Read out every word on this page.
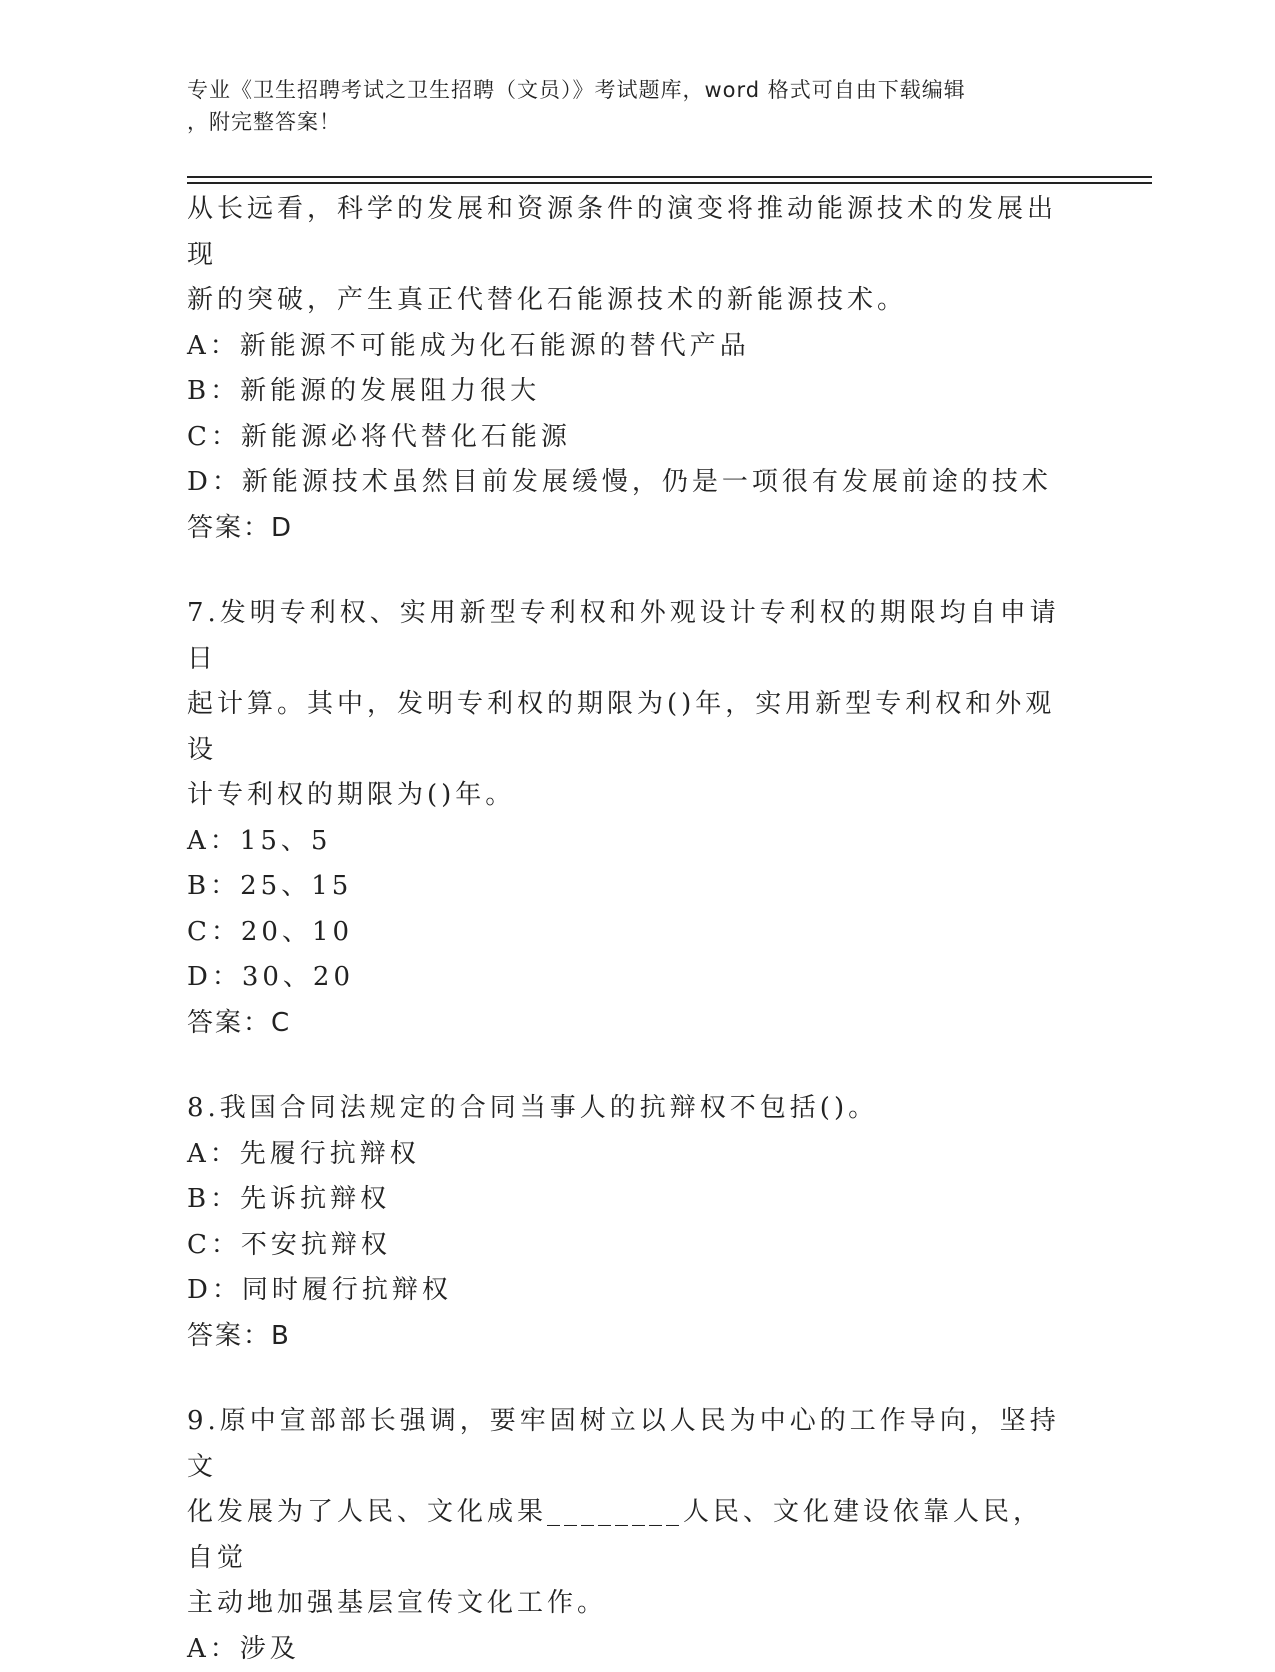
专业《卫生招聘考试之卫生招聘（文员）》考试题库，word 格式可自由下载编辑
，附完整答案！

从长远看，科学的发展和资源条件的演变将推动能源技术的发展出现

新的突破，产生真正代替化石能源技术的新能源技术。

A：新能源不可能成为化石能源的替代产品

B：新能源的发展阻力很大

C：新能源必将代替化石能源

D：新能源技术虽然目前发展缓慢，仍是一项很有发展前途的技术

答案：D

7.发明专利权、实用新型专利权和外观设计专利权的期限均自申请日

起计算。其中，发明专利权的期限为()年，实用新型专利权和外观设

计专利权的期限为()年。

A：15、5

B：25、15

C：20、10

D：30、20

答案：C

8.我国合同法规定的合同当事人的抗辩权不包括()。

A：先履行抗辩权

B：先诉抗辩权

C：不安抗辩权

D：同时履行抗辩权

答案：B

9.原中宣部部长强调，要牢固树立以人民为中心的工作导向，坚持文

化发展为了人民、文化成果________人民、文化建设依靠人民，自觉

主动地加强基层宣传文化工作。

A：涉及
